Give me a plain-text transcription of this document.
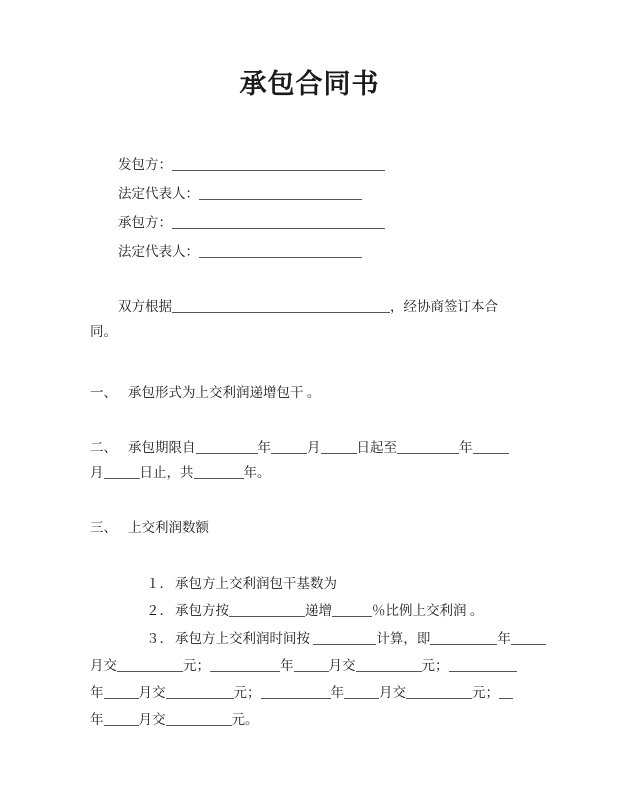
承包合同书
发包方：
法定代表人：
承包方：
法定代表人：
双方根据	，经协商签订本合
同。
一、 承包形式为上交利润递增包干 。
二、 承包期限自	年	月	日起至	年
月	日止，共	年。
三、 上交利润数额
１． 承包方上交利润包干基数为
２． 承包方按	递增	％比例上交利润 。
３． 承包方上交利润时间按	计算，即	年
月交	元；	年	月交	元；
年	月交	元；	年	月交	元；
年	月交	元。
